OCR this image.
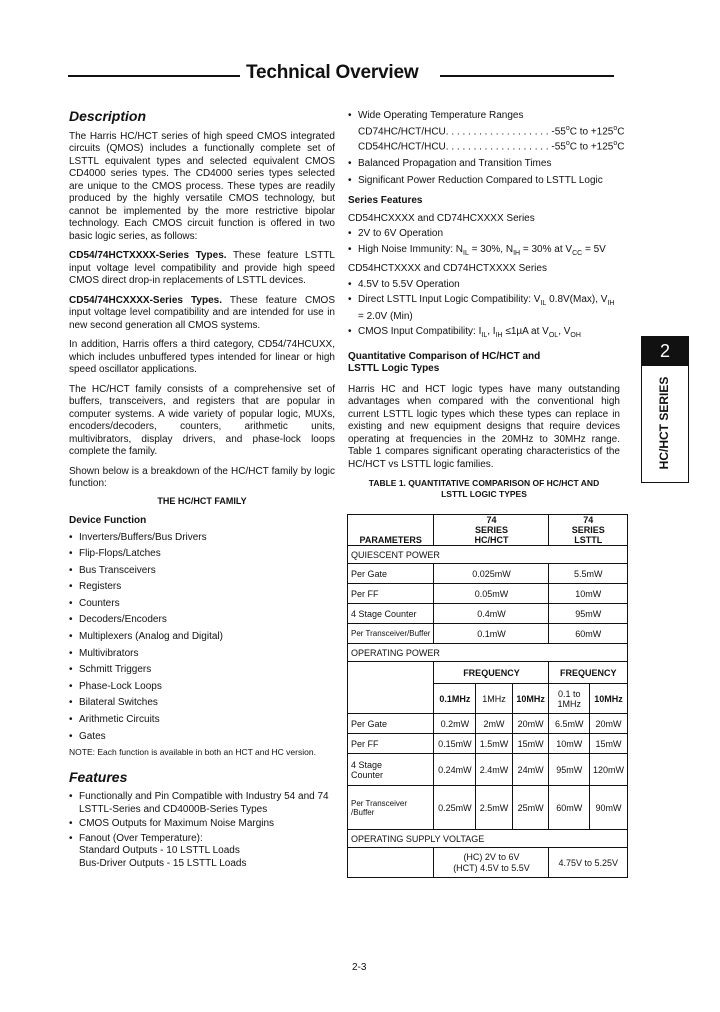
Technical Overview
Description

The Harris HC/HCT series of high speed CMOS integrated circuits (QMOS) includes a functionally complete set of LSTTL equivalent types and selected equivalent CMOS CD4000 series types. The CD4000 series types selected are unique to the CMOS process. These types are readily produced by the highly versatile CMOS technology, but cannot be implemented by the more restrictive bipolar technology. Each CMOS circuit function is offered in two basic logic series, as follows:

CD54/74HCTXXXX-Series Types. These feature LSTTL input voltage level compatibility and provide high speed CMOS direct drop-in replacements of LSTTL devices.

CD54/74HCXXXX-Series Types. These feature CMOS input voltage level compatibility and are intended for use in new second generation all CMOS systems.

In addition, Harris offers a third category, CD54/74HCUXX, which includes unbuffered types intended for linear or high speed oscillator applications.

The HC/HCT family consists of a comprehensive set of buffers, transceivers, and registers that are popular in computer systems. A wide variety of popular logic, MUXs, encoders/decoders, counters, arithmetic units, multivibrators, display drivers, and phase-lock loops complete the family.

Shown below is a breakdown of the HC/HCT family by logic function:

THE HC/HCT FAMILY
Device Function
• Inverters/Buffers/Bus Drivers
• Flip-Flops/Latches
• Bus Transceivers
• Registers
• Counters
• Decoders/Encoders
• Multiplexers (Analog and Digital)
• Multivibrators
• Schmitt Triggers
• Phase-Lock Loops
• Bilateral Switches
• Arithmetic Circuits
• Gates
NOTE: Each function is available in both an HCT and HC version.
Features
• Functionally and Pin Compatible with Industry 54 and 74 LSTTL-Series and CD4000B-Series Types
• CMOS Outputs for Maximum Noise Margins
• Fanout (Over Temperature):
Standard Outputs - 10 LSTTL Loads
Bus-Driver Outputs - 15 LSTTL Loads
• Wide Operating Temperature Ranges
CD74HC/HCT/HCU. . . . . . . . . . . . . . . . . . . -55$^o$C to $+125^oC$
CD54HC/HCT/HCU. . . . . . . . . . . . . . . . . . . -55$^o$C to $+125^oC$
• Balanced Propagation and Transition Times
• Significant Power Reduction Compared to LSTTL Logic
Series Features
CD54HCXXXX and CD74HCXXXX Series
• 2V to 6V Operation
• High Noise Immunity: $N_{IL} = 30\%$, $N_{IH} = 30\%$ at $V_{CC} = 5V$
CD54HCTXXXX and CD74HCTXXXX Series
• 4.5V to 5.5V Operation
• Direct LSTTL Input Logic Compatibility: $V_{IL}$ 0.8V(Max), $V_{IH}$
= 2.0V (Min)
• CMOS Input Compatibility: $I_{IL}$, $I_{IH} \le 1\mu A$ at $V_{OL}$, $V_{OH}$
Quantitative Comparison of HC/HCT and
LSTTL Logic Types

Harris HC and HCT logic types have many outstanding advantages when compared with the conventional high current LSTTL logic types which these types can replace in existing and new equipment designs that require devices operating at frequencies in the 20MHz to 30MHz range. Table 1 compares significant operating characteristics of the HC/HCT vs LSTTL logic families.

TABLE 1. QUANTITATIVE COMPARISON OF HC/HCT AND
LSTTL LOGIC TYPES
PARAMETERS	74 SERIES HC/HCT			74 SERIES LSTTL	
QUIESCENT POWER					
Per Gate	0.025mW			5.5mW	
Per FF	0.05mW			10mW	
4 Stage Counter	0.4mW			95mW	
Per Transceiver/Buffer	0.1mW			60mW	
OPERATING POWER					
	FREQUENCY			FREQUENCY	
	0.1MHz	1MHz	10MHz	0.1 to 1MHz	10MHz
Per Gate	0.2mW	2mW	20mW	6.5mW	20mW
Per FF	0.15mW	1.5mW	15mW	10mW	15mW
4 Stage Counter	0.24mW	2.4mW	24mW	95mW	120mW
Per Transceiver /Buffer	0.25mW	2.5mW	25mW	60mW	90mW
OPERATING SUPPLY VOLTAGE					
	(HC) 2V to 6V
(HCT) 4.5V to 5.5V			4.75V to 5.25V	
2
HC/HCT SERIES
2-3
